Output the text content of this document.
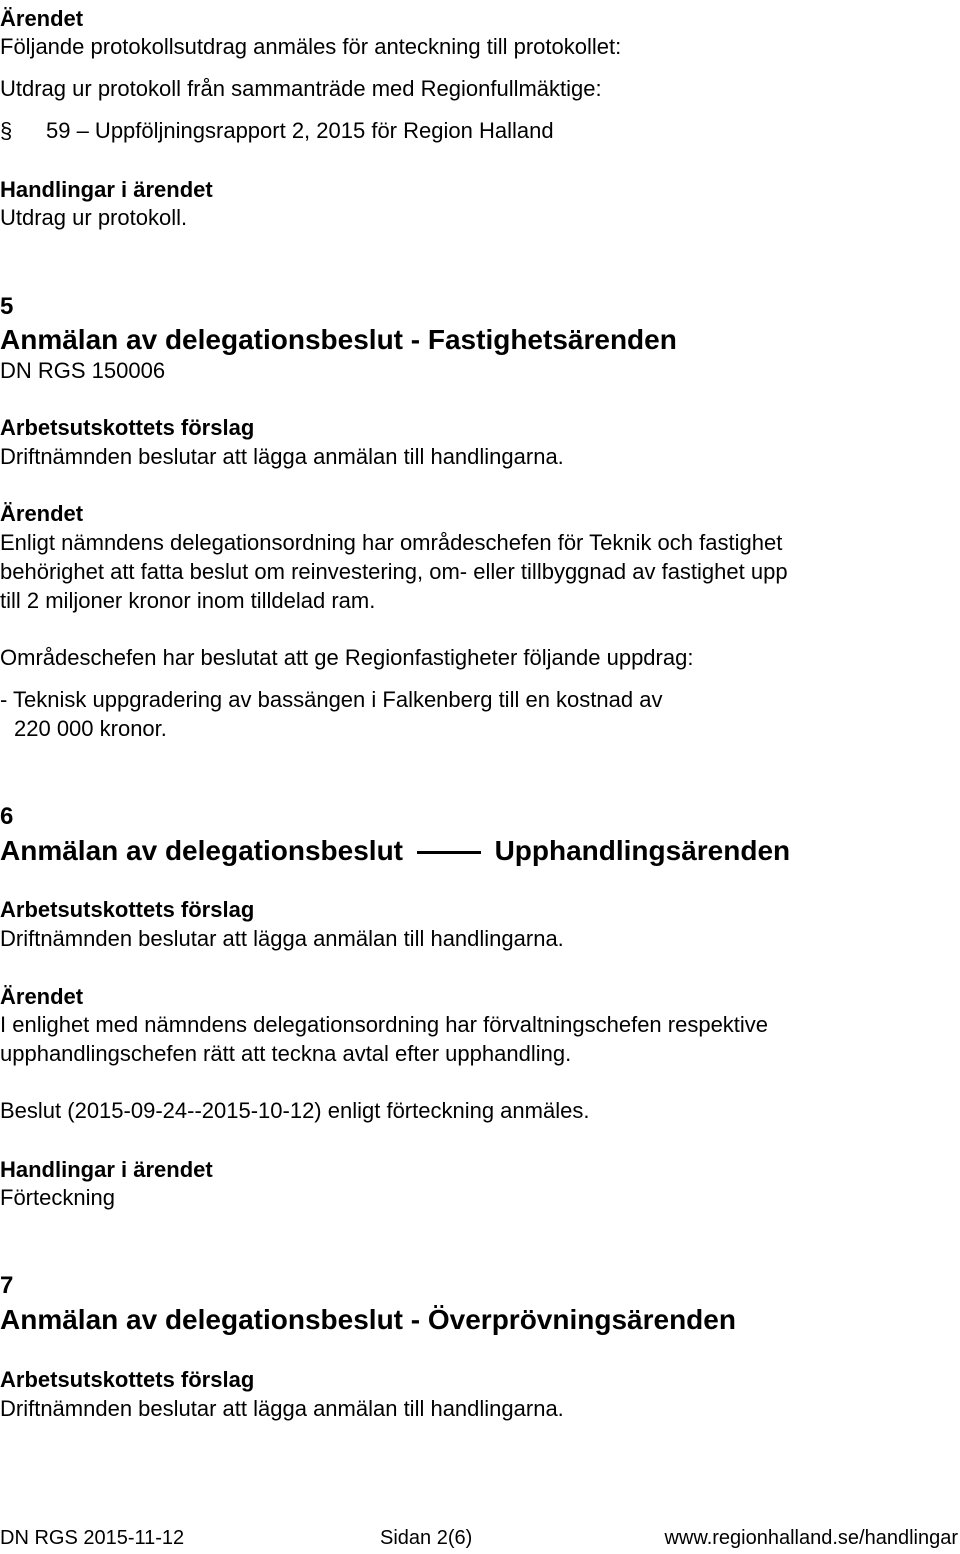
Ärendet
Följande protokollsutdrag anmäles för anteckning till protokollet:
Utdrag ur protokoll från sammanträde med Regionfullmäktige:
§ 59 – Uppföljningsrapport 2, 2015 för Region Halland
Handlingar i ärendet
Utdrag ur protokoll.
5
Anmälan av delegationsbeslut - Fastighetsärenden
DN RGS 150006
Arbetsutskottets förslag
Driftnämnden beslutar att lägga anmälan till handlingarna.
Ärendet
Enligt nämndens delegationsordning har områdeschefen för Teknik och fastighet
behörighet att fatta beslut om reinvestering, om- eller tillbyggnad av fastighet upp
till 2 miljoner kronor inom tilldelad ram.
Områdeschefen har beslutat att ge Regionfastigheter följande uppdrag:
- Teknisk uppgradering av bassängen i Falkenberg till en kostnad av
220 000 kronor.
6
Anmälan av delegationsbeslut	Upphandlingsärenden
Arbetsutskottets förslag
Driftnämnden beslutar att lägga anmälan till handlingarna.
Ärendet
I enlighet med nämndens delegationsordning har förvaltningschefen respektive
upphandlingschefen rätt att teckna avtal efter upphandling.
Beslut (2015-09-24--2015-10-12) enligt förteckning anmäles.
Handlingar i ärendet
Förteckning
7
Anmälan av delegationsbeslut - Överprövningsärenden
Arbetsutskottets förslag
Driftnämnden beslutar att lägga anmälan till handlingarna.
DN RGS 2015-11-12	Sidan 2(6)	www.regionhalland.se/handlingar
